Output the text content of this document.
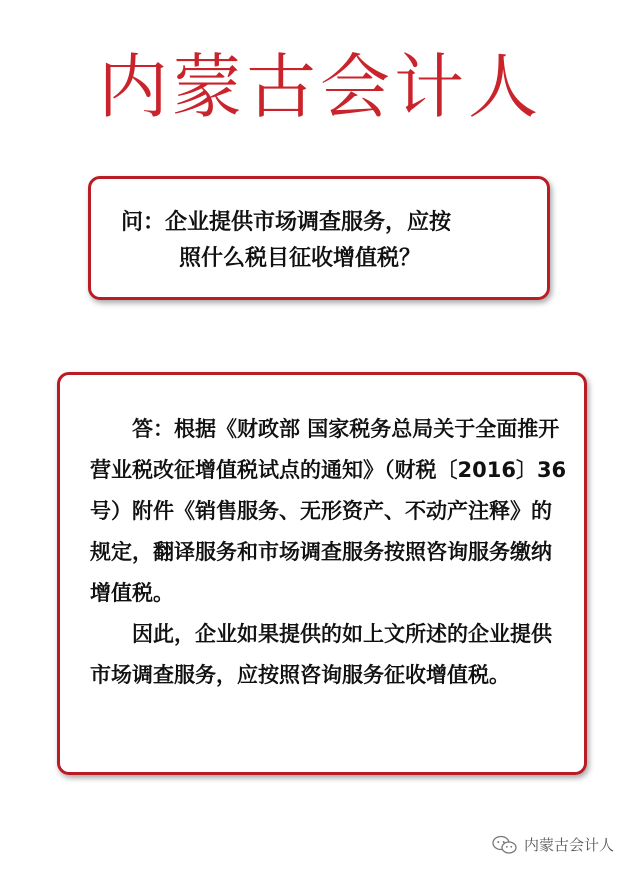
内蒙古会计人
问：企业提供市场调查服务，应按
照什么税目征收增值税？

答：根据《财政部 国家税务总局关于全面推开营业税改征增值税试点的通知》（财税〔2016〕36号）附件《销售服务、无形资产、不动产注释》的规定，翻译服务和市场调查服务按照咨询服务缴纳增值税。

因此，企业如果提供的如上文所述的企业提供市场调查服务，应按照咨询服务征收增值税。

内蒙古会计人
